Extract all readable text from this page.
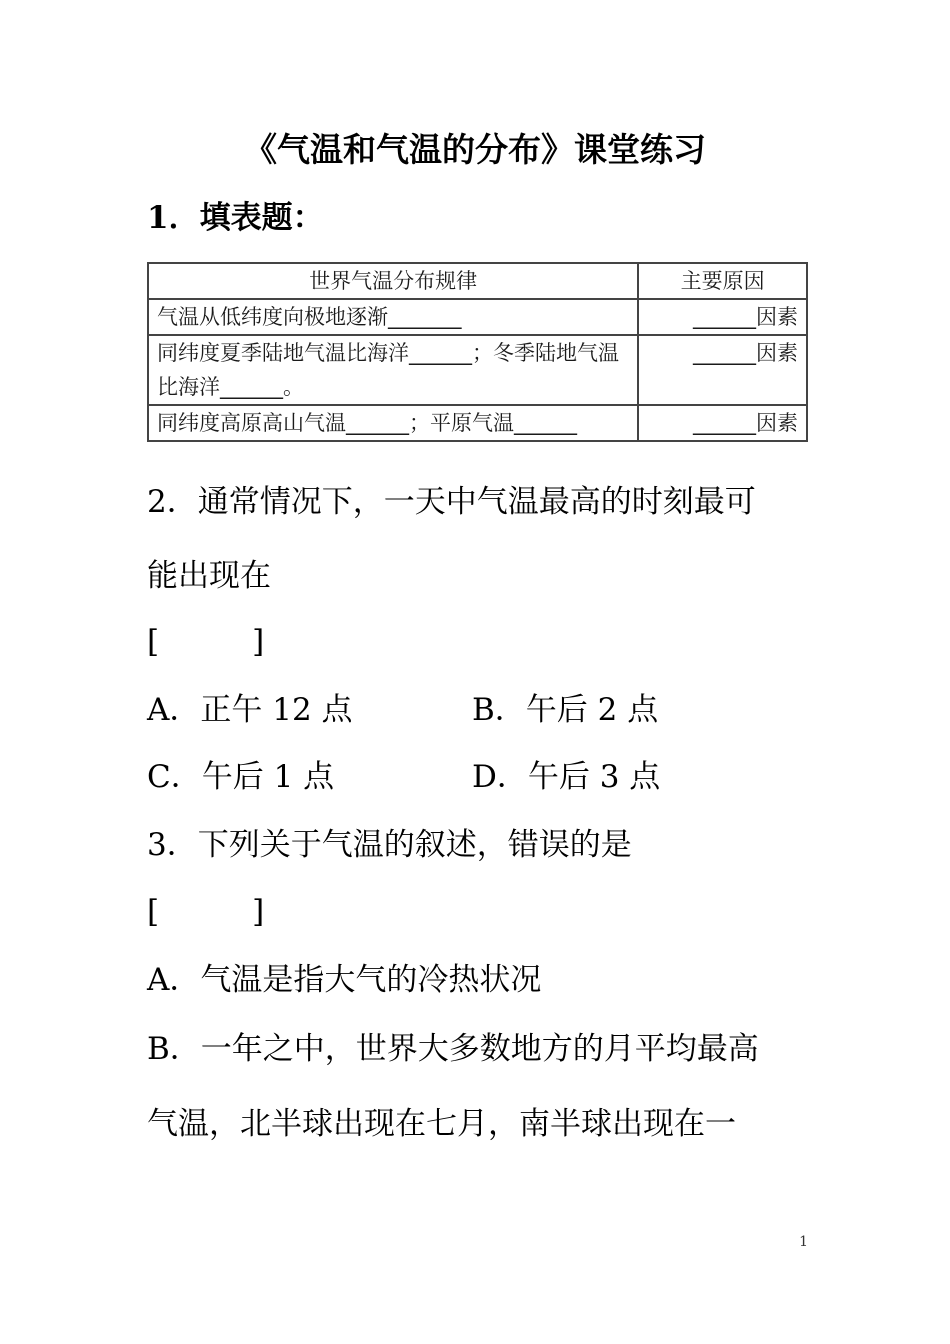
《气温和气温的分布》课堂练习
1．填表题：
世界气温分布规律	主要原因
气温从低纬度向极地逐渐_______	______因素
同纬度夏季陆地气温比海洋______；冬季陆地气温比海洋______。	______因素
同纬度高原高山气温______；平原气温______	______因素
2．通常情况下，一天中气温最高的时刻最可
能出现在
[　　　]
A．正午 12 点	B．午后 2 点
C．午后 1 点	D．午后 3 点
3．下列关于气温的叙述，错误的是
[　　　]
A．气温是指大气的冷热状况
B．一年之中，世界大多数地方的月平均最高
气温，北半球出现在七月，南半球出现在一
1
